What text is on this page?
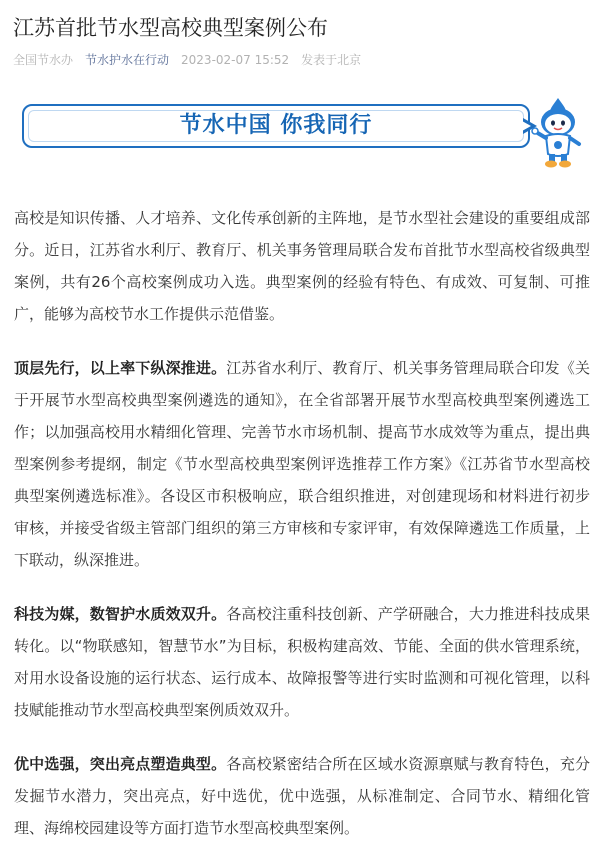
江苏首批节水型高校典型案例公布
全国节水办 节水护水在行动 2023-02-07 15:52 发表于北京
节水中国 你我同行

高校是知识传播、人才培养、文化传承创新的主阵地，是节水型社会建设的重要组成部分。近日，江苏省水利厅、教育厅、机关事务管理局联合发布首批节水型高校省级典型案例，共有26个高校案例成功入选。典型案例的经验有特色、有成效、可复制、可推广，能够为高校节水工作提供示范借鉴。

顶层先行，以上率下纵深推进。江苏省水利厅、教育厅、机关事务管理局联合印发《关于开展节水型高校典型案例遴选的通知》，在全省部署开展节水型高校典型案例遴选工作；以加强高校用水精细化管理、完善节水市场机制、提高节水成效等为重点，提出典型案例参考提纲，制定《节水型高校典型案例评选推荐工作方案》《江苏省节水型高校典型案例遴选标准》。各设区市积极响应，联合组织推进，对创建现场和材料进行初步审核，并接受省级主管部门组织的第三方审核和专家评审，有效保障遴选工作质量，上下联动，纵深推进。

科技为媒，数智护水质效双升。各高校注重科技创新、产学研融合，大力推进科技成果转化。以“物联感知，智慧节水”为目标，积极构建高效、节能、全面的供水管理系统，对用水设备设施的运行状态、运行成本、故障报警等进行实时监测和可视化管理，以科技赋能推动节水型高校典型案例质效双升。

优中选强，突出亮点塑造典型。各高校紧密结合所在区域水资源禀赋与教育特色，充分发掘节水潜力，突出亮点，好中选优，优中选强，从标准制定、合同节水、精细化管理、海绵校园建设等方面打造节水型高校典型案例。
